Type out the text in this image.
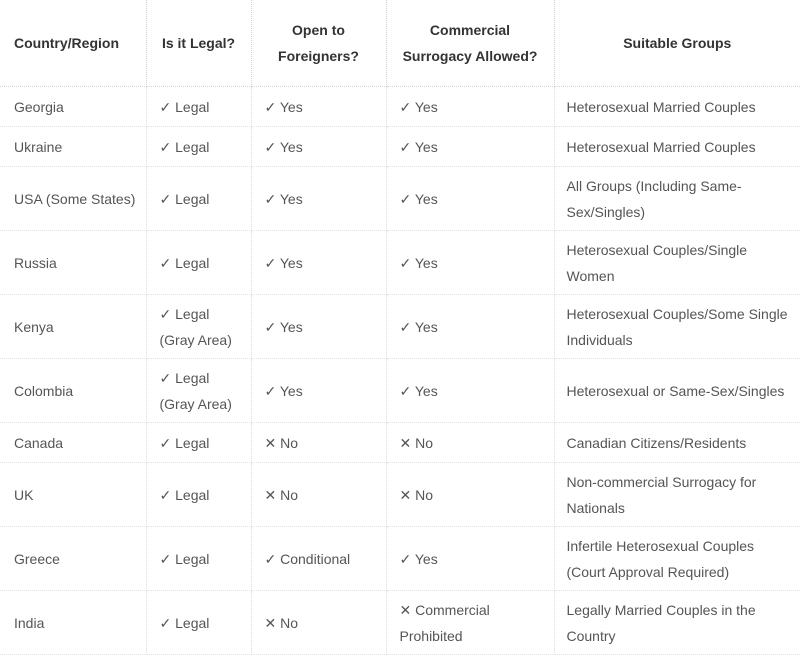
Country/Region	Is it Legal?	Open to Foreigners?	Commercial Surrogacy Allowed?	Suitable Groups
Georgia	✓ Legal	✓ Yes	✓ Yes	Heterosexual Married Couples
Ukraine	✓ Legal	✓ Yes	✓ Yes	Heterosexual Married Couples
USA (Some States)	✓ Legal	✓ Yes	✓ Yes	All Groups (Including Same-Sex/Singles)
Russia	✓ Legal	✓ Yes	✓ Yes	Heterosexual Couples/Single Women
Kenya	✓ Legal (Gray Area)	✓ Yes	✓ Yes	Heterosexual Couples/Some Single Individuals
Colombia	✓ Legal (Gray Area)	✓ Yes	✓ Yes	Heterosexual or Same-Sex/Singles
Canada	✓ Legal	✕ No	✕ No	Canadian Citizens/Residents
UK	✓ Legal	✕ No	✕ No	Non-commercial Surrogacy for Nationals
Greece	✓ Legal	✓ Conditional	✓ Yes	Infertile Heterosexual Couples (Court Approval Required)
India	✓ Legal	✕ No	✕ Commercial Prohibited	Legally Married Couples in the Country
